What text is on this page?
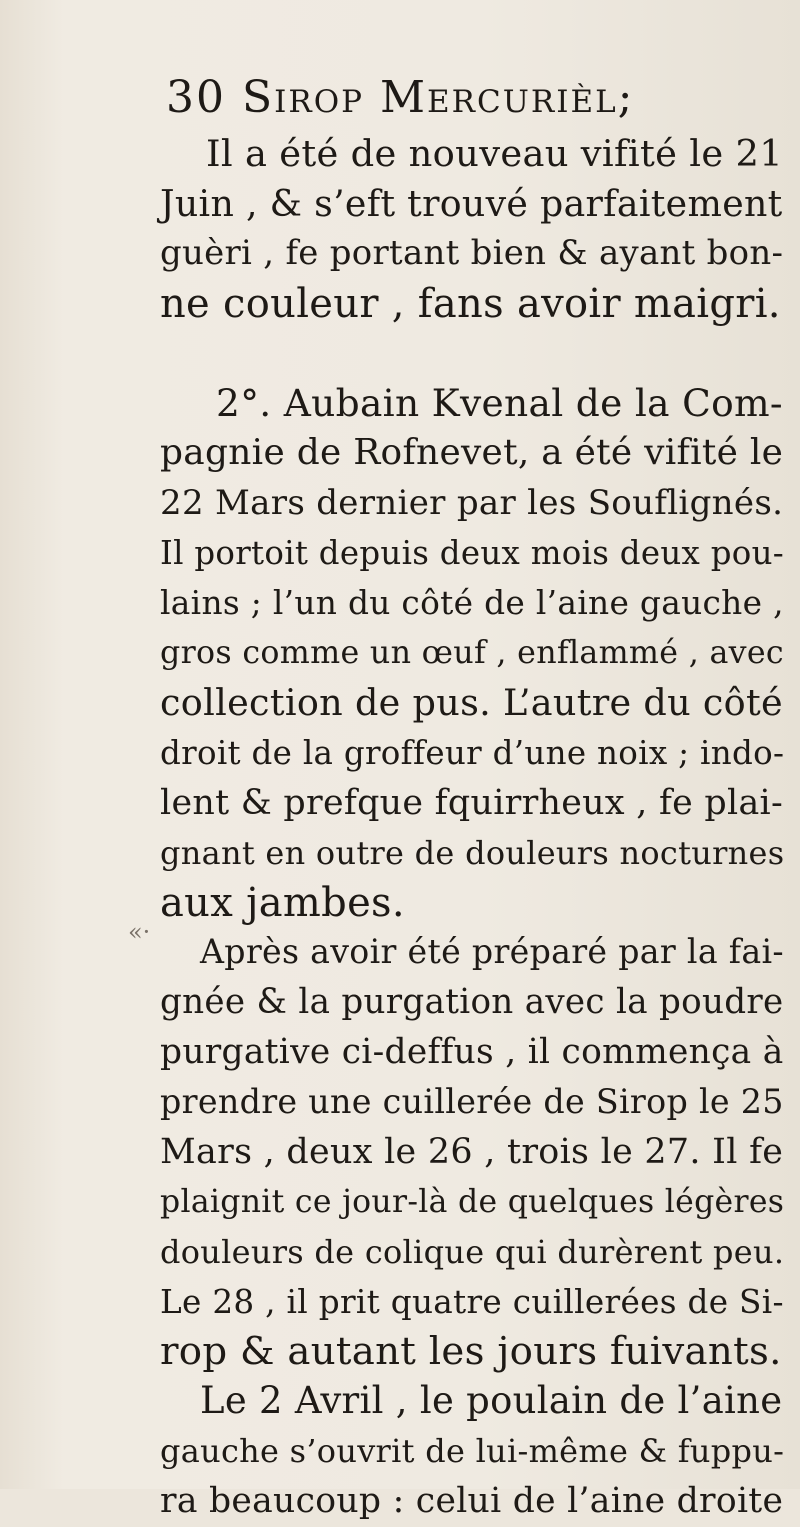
30 Sirop Mercurièl;
«·
Il a été de nouveau vifité le 21
Juin , & s’eft trouvé parfaitement
guèri , fe portant bien & ayant bon-
ne couleur , fans avoir maigri.
2°. Aubain Kvenal de la Com-
pagnie de Rofnevet, a été vifité le
22 Mars dernier par les Souflignés.
Il portoit depuis deux mois deux pou-
lains ; l’un du côté de l’aine gauche ,
gros comme un œuf , enflammé , avec
collection de pus. L’autre du côté
droit de la groffeur d’une noix ; indo-
lent & prefque fquirrheux , fe plai-
gnant en outre de douleurs nocturnes
aux jambes.
Après avoir été préparé par la fai-
gnée & la purgation avec la poudre
purgative ci-deffus , il commença à
prendre une cuillerée de Sirop le 25
Mars , deux le 26 , trois le 27. Il fe
plaignit ce jour-là de quelques légères
douleurs de colique qui durèrent peu.
Le 28 , il prit quatre cuillerées de Si-
rop & autant les jours fuivants.
Le 2 Avril , le poulain de l’aine
gauche s’ouvrit de lui-même & fuppu-
ra beaucoup : celui de l’aine droite
